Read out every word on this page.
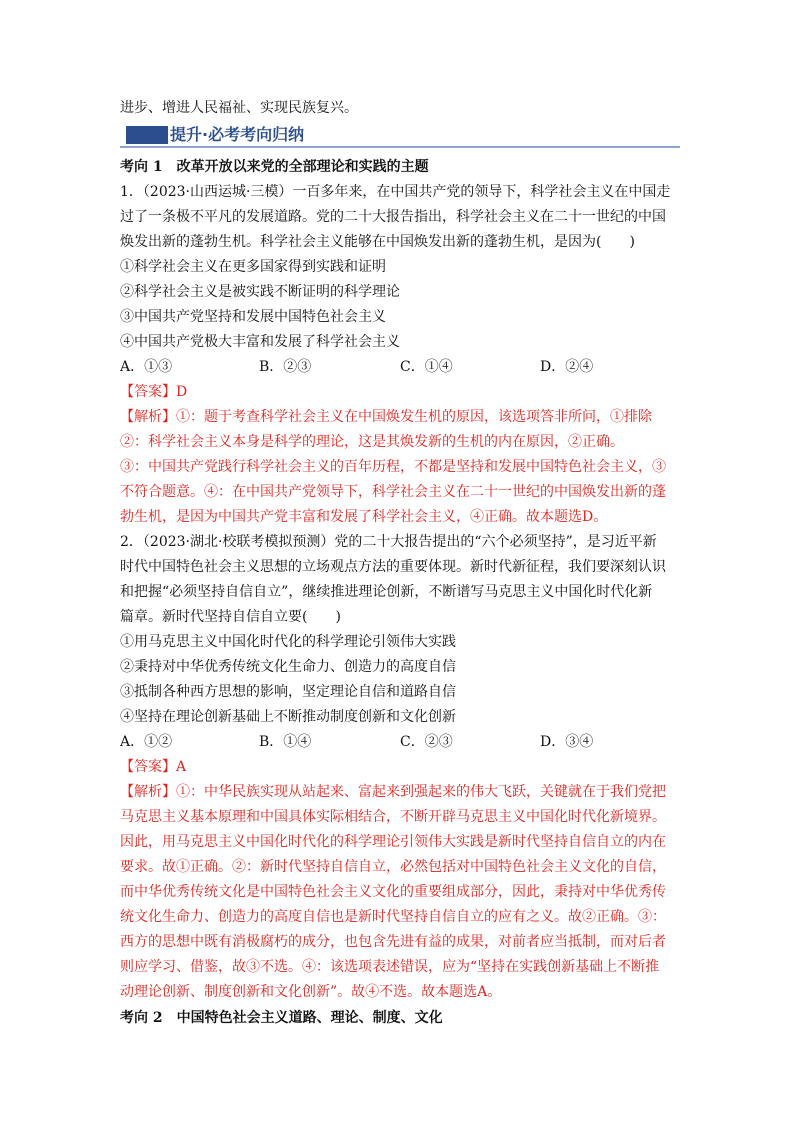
进步、增进人民福祉、实现民族复兴。
提升·必考考向归纳
考向 1　改革开放以来党的全部理论和实践的主题
1．（2023·山西运城·三模）一百多年来，在中国共产党的领导下，科学社会主义在中国走
过了一条极不平凡的发展道路。党的二十大报告指出，科学社会主义在二十一世纪的中国
焕发出新的蓬勃生机。科学社会主义能够在中国焕发出新的蓬勃生机，是因为(　　)
①科学社会主义在更多国家得到实践和证明
②科学社会主义是被实践不断证明的科学理论
③中国共产党坚持和发展中国特色社会主义
④中国共产党极大丰富和发展了科学社会主义
A．①③	B．②③	C．①④	D．②④
【答案】D
【解析】①：题于考查科学社会主义在中国焕发生机的原因，该选项答非所问，①排除
②：科学社会主义本身是科学的理论，这是其焕发新的生机的内在原因，②正确。
③：中国共产党践行科学社会主义的百年历程，不都是坚持和发展中国特色社会主义，③
不符合题意。④：在中国共产党领导下，科学社会主义在二十一世纪的中国焕发出新的蓬
勃生机，是因为中国共产党丰富和发展了科学社会主义，④正确。故本题选D。
2．（2023·湖北·校联考模拟预测）党的二十大报告提出的“六个必须坚持”，是习近平新
时代中国特色社会主义思想的立场观点方法的重要体现。新时代新征程，我们要深刻认识
和把握“必须坚持自信自立”，继续推进理论创新，不断谱写马克思主义中国化时代化新
篇章。新时代坚持自信自立要(　　)
①用马克思主义中国化时代化的科学理论引领伟大实践
②秉持对中华优秀传统文化生命力、创造力的高度自信
③抵制各种西方思想的影响，坚定理论自信和道路自信
④坚持在理论创新基础上不断推动制度创新和文化创新
A．①②	B．①④	C．②③	D．③④
【答案】A
【解析】①：中华民族实现从站起来、富起来到强起来的伟大飞跃，关键就在于我们党把
马克思主义基本原理和中国具体实际相结合，不断开辟马克思主义中国化时代化新境界。
因此，用马克思主义中国化时代化的科学理论引领伟大实践是新时代坚持自信自立的内在
要求。故①正确。②：新时代坚持自信自立，必然包括对中国特色社会主义文化的自信，
而中华优秀传统文化是中国特色社会主义文化的重要组成部分，因此，秉持对中华优秀传
统文化生命力、创造力的高度自信也是新时代坚持自信自立的应有之义。故②正确。③：
西方的思想中既有消极腐朽的成分，也包含先进有益的成果，对前者应当抵制，而对后者
则应学习、借鉴，故③不选。④：该选项表述错误，应为“坚持在实践创新基础上不断推
动理论创新、制度创新和文化创新”。故④不选。故本题选A。
考向 2　中国特色社会主义道路、理论、制度、文化
